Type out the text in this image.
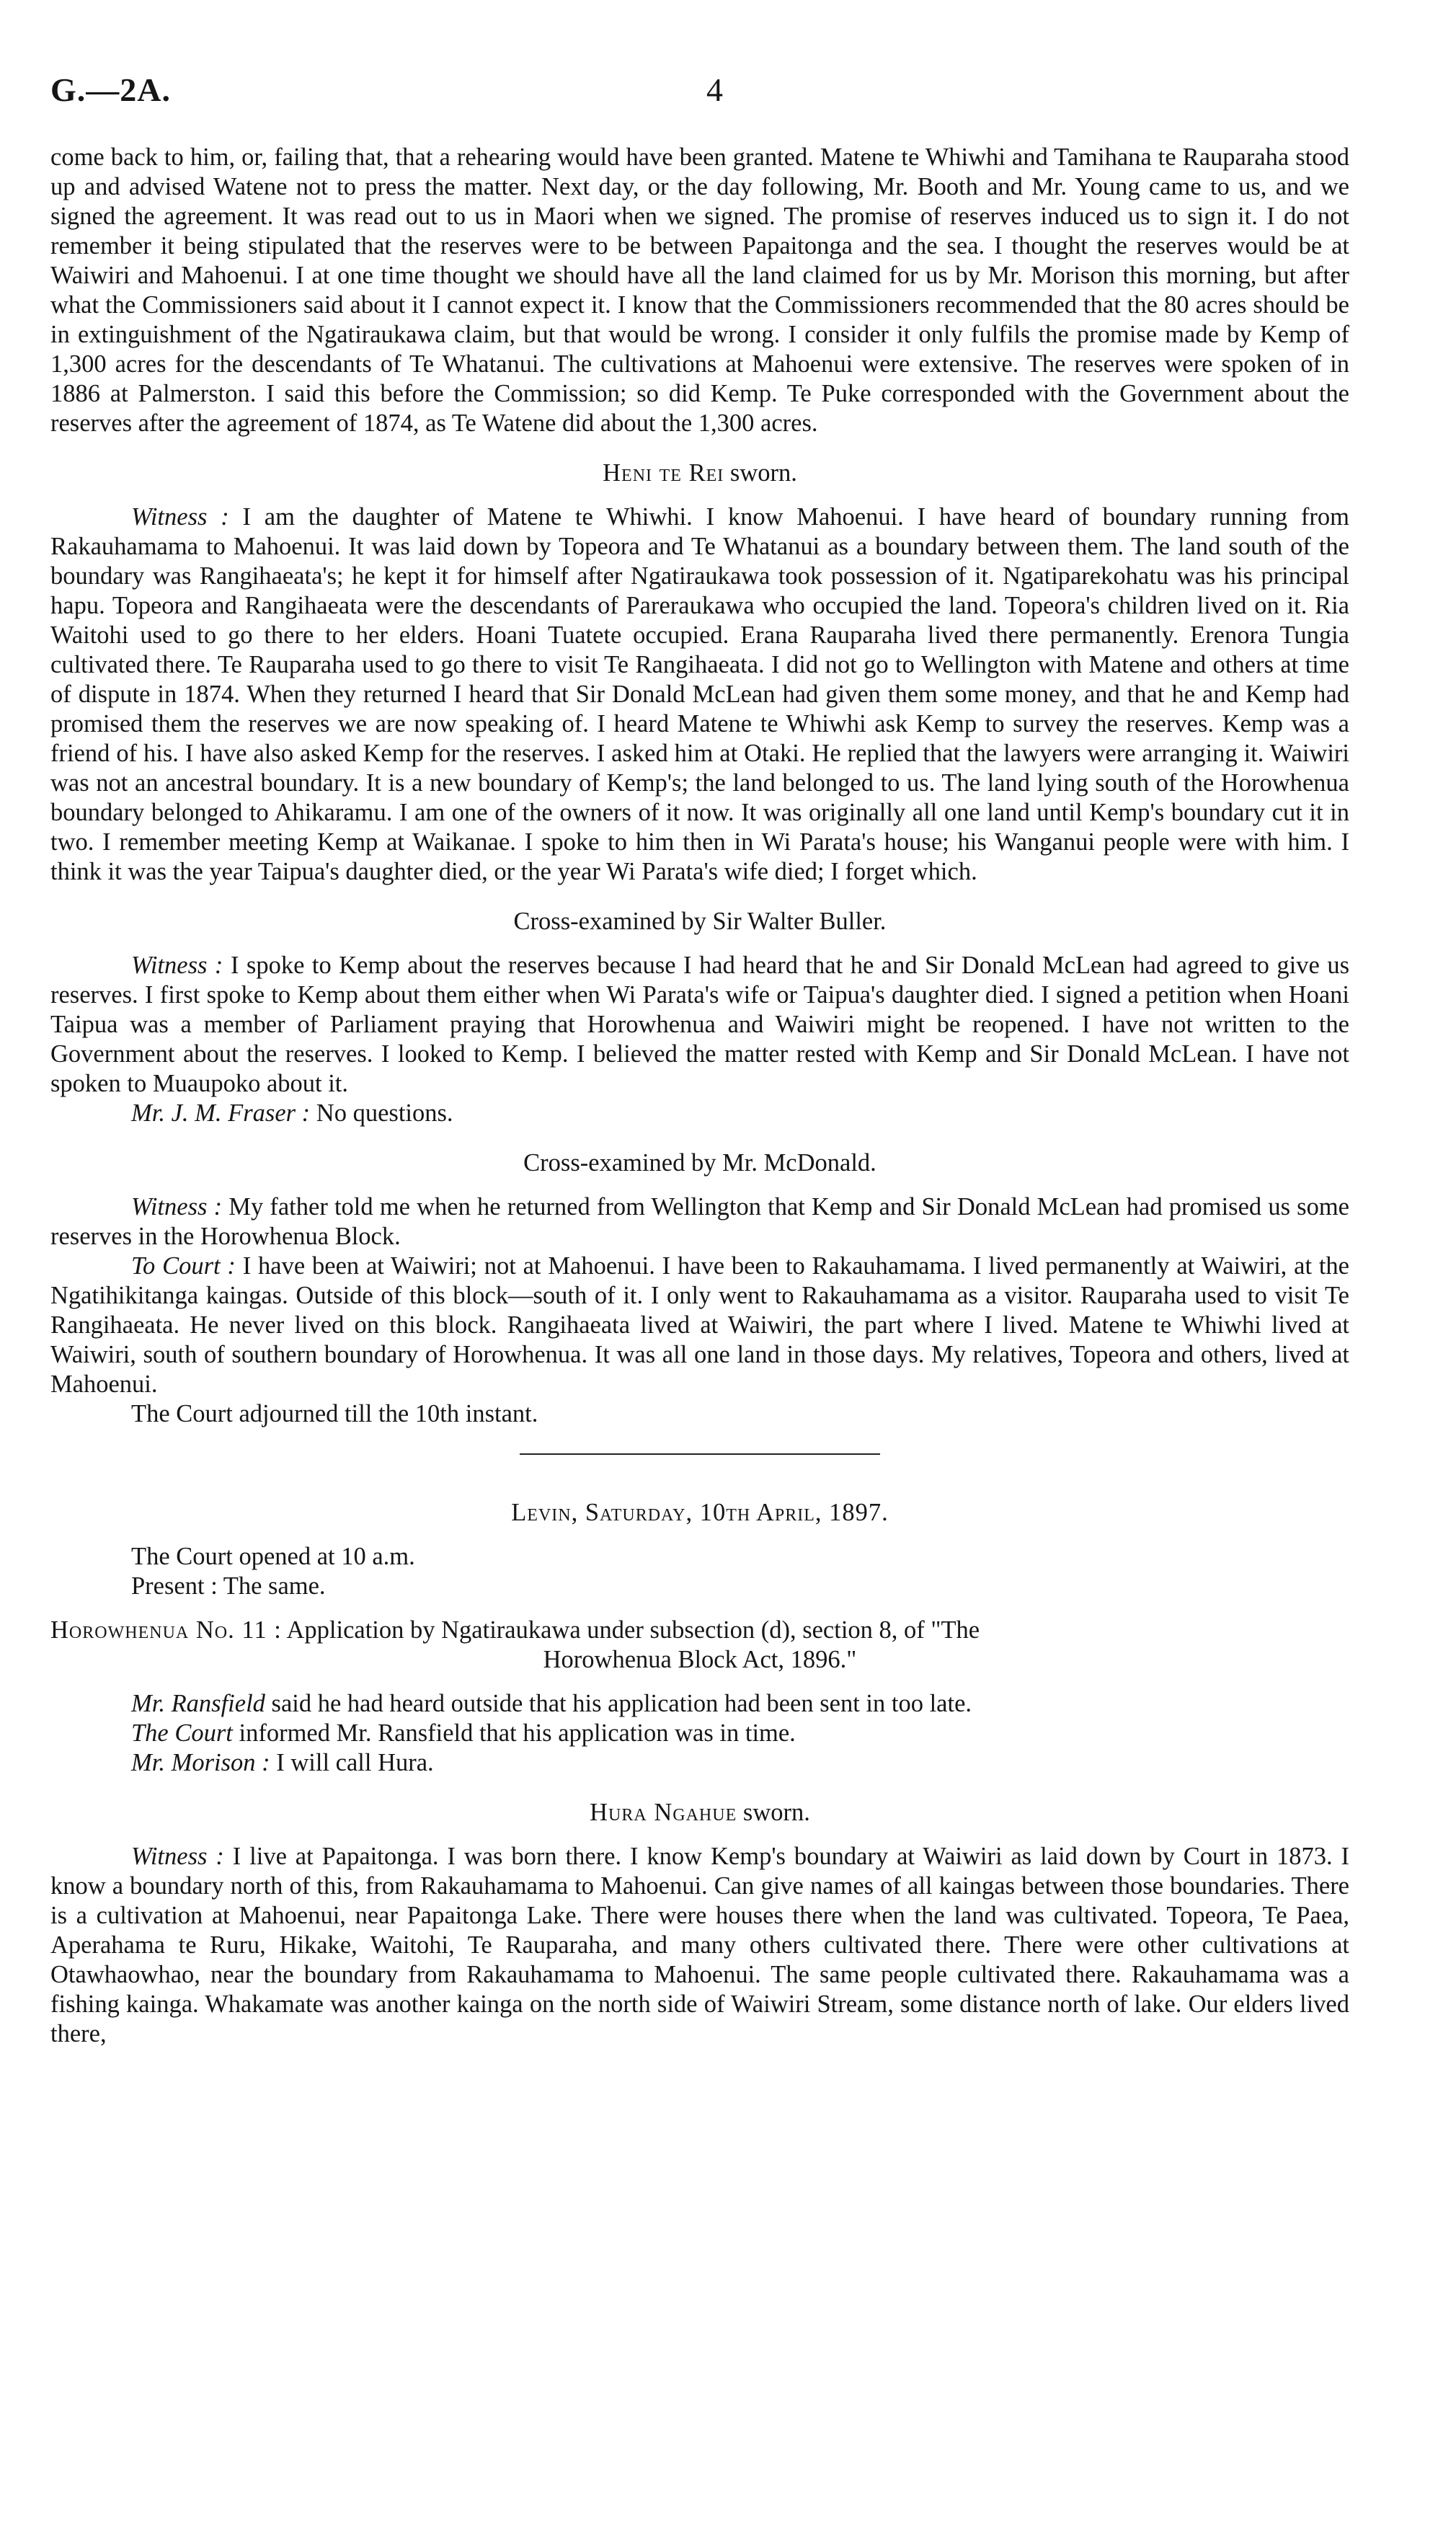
G.—2A.	4

come back to him, or, failing that, that a rehearing would have been granted. Matene te Whiwhi and Tamihana te Rauparaha stood up and advised Watene not to press the matter. Next day, or the day following, Mr. Booth and Mr. Young came to us, and we signed the agreement. It was read out to us in Maori when we signed. The promise of reserves induced us to sign it. I do not remember it being stipulated that the reserves were to be between Papaitonga and the sea. I thought the reserves would be at Waiwiri and Mahoenui. I at one time thought we should have all the land claimed for us by Mr. Morison this morning, but after what the Commissioners said about it I cannot expect it. I know that the Commissioners recommended that the 80 acres should be in extinguishment of the Ngatiraukawa claim, but that would be wrong. I consider it only fulfils the promise made by Kemp of 1,300 acres for the descendants of Te Whatanui. The cultivations at Mahoenui were extensive. The reserves were spoken of in 1886 at Palmerston. I said this before the Commission; so did Kemp. Te Puke corresponded with the Government about the reserves after the agreement of 1874, as Te Watene did about the 1,300 acres.

Heni te Rei sworn.

Witness : I am the daughter of Matene te Whiwhi. I know Mahoenui. I have heard of boundary running from Rakauhamama to Mahoenui. It was laid down by Topeora and Te Whatanui as a boundary between them. The land south of the boundary was Rangihaeata's; he kept it for himself after Ngatiraukawa took possession of it. Ngatiparekohatu was his principal hapu. Topeora and Rangihaeata were the descendants of Pareraukawa who occupied the land. Topeora's children lived on it. Ria Waitohi used to go there to her elders. Hoani Tuatete occupied. Erana Rauparaha lived there permanently. Erenora Tungia cultivated there. Te Rauparaha used to go there to visit Te Rangihaeata. I did not go to Wellington with Matene and others at time of dispute in 1874. When they returned I heard that Sir Donald McLean had given them some money, and that he and Kemp had promised them the reserves we are now speaking of. I heard Matene te Whiwhi ask Kemp to survey the reserves. Kemp was a friend of his. I have also asked Kemp for the reserves. I asked him at Otaki. He replied that the lawyers were arranging it. Waiwiri was not an ancestral boundary. It is a new boundary of Kemp's; the land belonged to us. The land lying south of the Horowhenua boundary belonged to Ahikaramu. I am one of the owners of it now. It was originally all one land until Kemp's boundary cut it in two. I remember meeting Kemp at Waikanae. I spoke to him then in Wi Parata's house; his Wanganui people were with him. I think it was the year Taipua's daughter died, or the year Wi Parata's wife died; I forget which.

Cross-examined by Sir Walter Buller.

Witness : I spoke to Kemp about the reserves because I had heard that he and Sir Donald McLean had agreed to give us reserves. I first spoke to Kemp about them either when Wi Parata's wife or Taipua's daughter died. I signed a petition when Hoani Taipua was a member of Parliament praying that Horowhenua and Waiwiri might be reopened. I have not written to the Government about the reserves. I looked to Kemp. I believed the matter rested with Kemp and Sir Donald McLean. I have not spoken to Muaupoko about it.

Mr. J. M. Fraser : No questions.

Cross-examined by Mr. McDonald.

Witness : My father told me when he returned from Wellington that Kemp and Sir Donald McLean had promised us some reserves in the Horowhenua Block.

To Court : I have been at Waiwiri; not at Mahoenui. I have been to Rakauhamama. I lived permanently at Waiwiri, at the Ngatihikitanga kaingas. Outside of this block—south of it. I only went to Rakauhamama as a visitor. Rauparaha used to visit Te Rangihaeata. He never lived on this block. Rangihaeata lived at Waiwiri, the part where I lived. Matene te Whiwhi lived at Waiwiri, south of southern boundary of Horowhenua. It was all one land in those days. My relatives, Topeora and others, lived at Mahoenui.

The Court adjourned till the 10th instant.

Levin, Saturday, 10th April, 1897.

The Court opened at 10 a.m.

Present : The same.

Horowhenua No. 11 : Application by Ngatiraukawa under subsection (d), section 8, of "The
Horowhenua Block Act, 1896."

Mr. Ransfield said he had heard outside that his application had been sent in too late.

The Court informed Mr. Ransfield that his application was in time.

Mr. Morison : I will call Hura.

Hura Ngahue sworn.

Witness : I live at Papaitonga. I was born there. I know Kemp's boundary at Waiwiri as laid down by Court in 1873. I know a boundary north of this, from Rakauhamama to Mahoenui. Can give names of all kaingas between those boundaries. There is a cultivation at Mahoenui, near Papaitonga Lake. There were houses there when the land was cultivated. Topeora, Te Paea, Aperahama te Ruru, Hikake, Waitohi, Te Rauparaha, and many others cultivated there. There were other cultivations at Otawhaowhao, near the boundary from Rakauhamama to Mahoenui. The same people cultivated there. Rakauhamama was a fishing kainga. Whakamate was another kainga on the north side of Waiwiri Stream, some distance north of lake. Our elders lived there,
